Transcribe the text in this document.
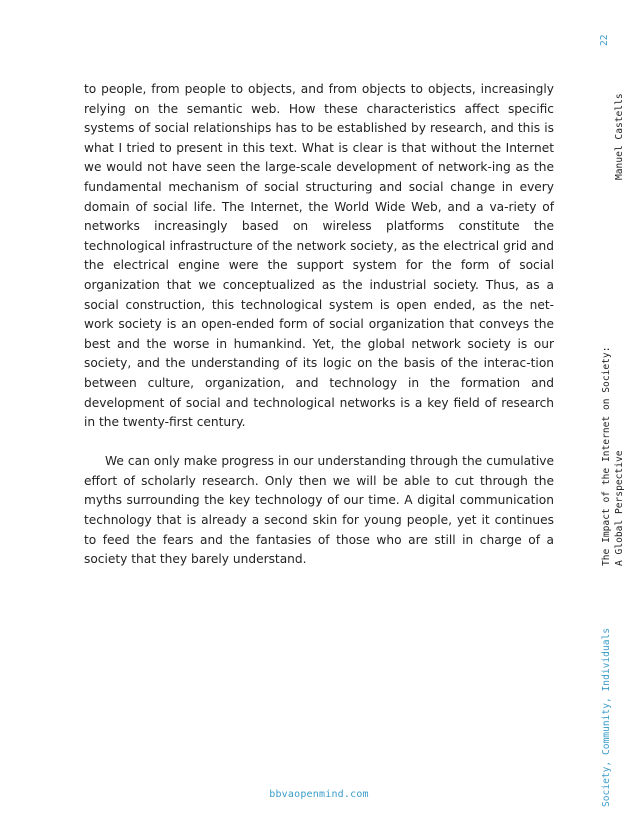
to people, from people to objects, and from objects to objects, increasingly relying on the semantic web. How these characteristics affect specific systems of social relationships has to be established by research, and this is what I tried to present in this text. What is clear is that without the Internet we would not have seen the large-scale development of network-ing as the fundamental mechanism of social structuring and social change in every domain of social life. The Internet, the World Wide Web, and a va-riety of networks increasingly based on wireless platforms constitute the technological infrastructure of the network society, as the electrical grid and the electrical engine were the support system for the form of social organization that we conceptualized as the industrial society. Thus, as a social construction, this technological system is open ended, as the net-work society is an open-ended form of social organization that conveys the best and the worse in humankind. Yet, the global network society is our society, and the understanding of its logic on the basis of the interac-tion between culture, organization, and technology in the formation and development of social and technological networks is a key field of research in the twenty-first century.

We can only make progress in our understanding through the cumulative effort of scholarly research. Only then we will be able to cut through the myths surrounding the key technology of our time. A digital communication technology that is already a second skin for young people, yet it continues to feed the fears and the fantasies of those who are still in charge of a society that they barely understand.

bbvaopenmind.com
22
Manuel Castells
The Impact of the Internet on Society: A Global Perspective
Society, Community, Individuals
